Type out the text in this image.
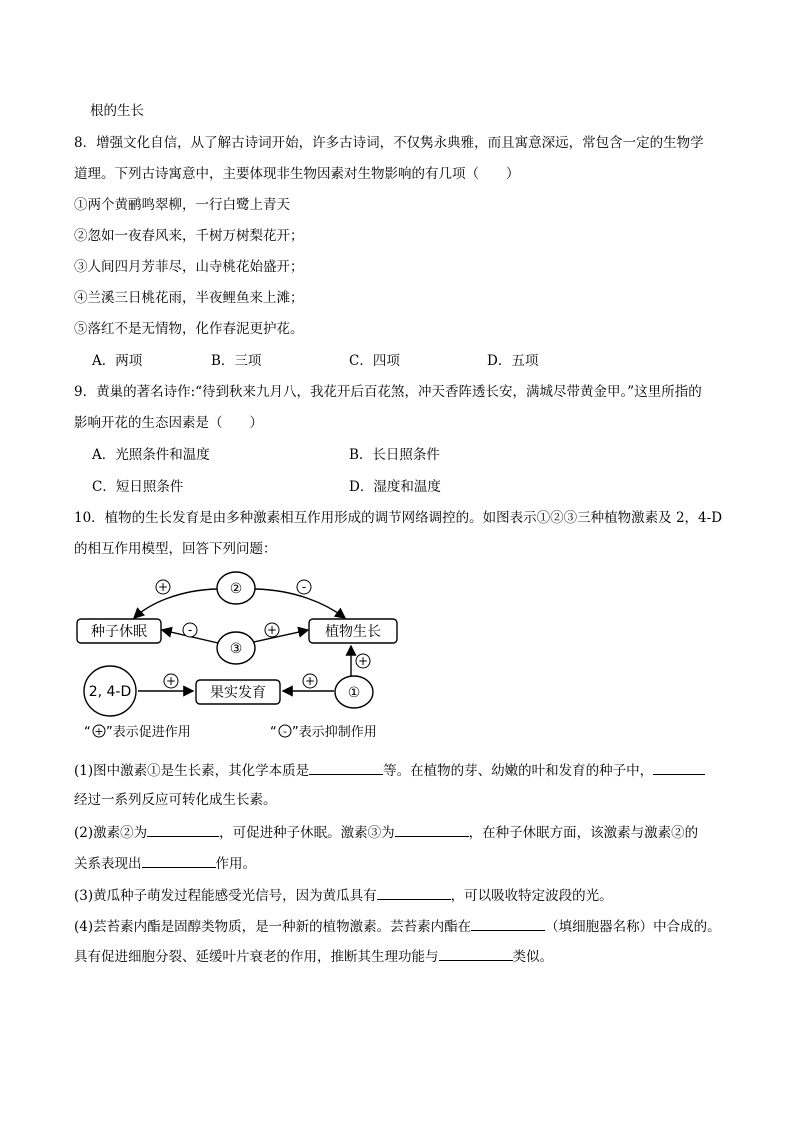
根的生长
8．增强文化自信，从了解古诗词开始，许多古诗词，不仅隽永典雅，而且寓意深远，常包含一定的生物学
道理。下列古诗寓意中，主要体现非生物因素对生物影响的有几项（　　）
①两个黄鹂鸣翠柳，一行白鹭上青天
②忽如一夜春风来，千树万树梨花开；
③人间四月芳菲尽，山寺桃花始盛开；
④兰溪三日桃花雨，半夜鲤鱼来上滩；
⑤落红不是无情物，化作春泥更护花。
A．两项	B．三项	C．四项	D．五项
9．黄巢的著名诗作:“待到秋来九月八，我花开后百花煞，冲天香阵透长安，满城尽带黄金甲。”这里所指的
影响开花的生态因素是（　　）
A．光照条件和温度	B．长日照条件
C．短日照条件	D．湿度和温度
10．植物的生长发育是由多种激素相互作用形成的调节网络调控的。如图表示①②③三种植物激素及 2，4-D
的相互作用模型，回答下列问题：
②
③
①
2, 4-D
种子休眠	植物生长
果实发育
+	-
-	+
+
+
+
“ + ”表示促进作用	“ - ”表示抑制作用
(1)图中激素①是生长素，其化学本质是	等。在植物的芽、幼嫩的叶和发育的种子中，
经过一系列反应可转化成生长素。
(2)激素②为	，可促进种子休眠。激素③为	，在种子休眠方面，该激素与激素②的
关系表现出	作用。
(3)黄瓜种子萌发过程能感受光信号，因为黄瓜具有	，可以吸收特定波段的光。
(4)芸苔素内酯是固醇类物质，是一种新的植物激素。芸苔素内酯在	（填细胞器名称）中合成的。
具有促进细胞分裂、延缓叶片衰老的作用，推断其生理功能与	类似。
